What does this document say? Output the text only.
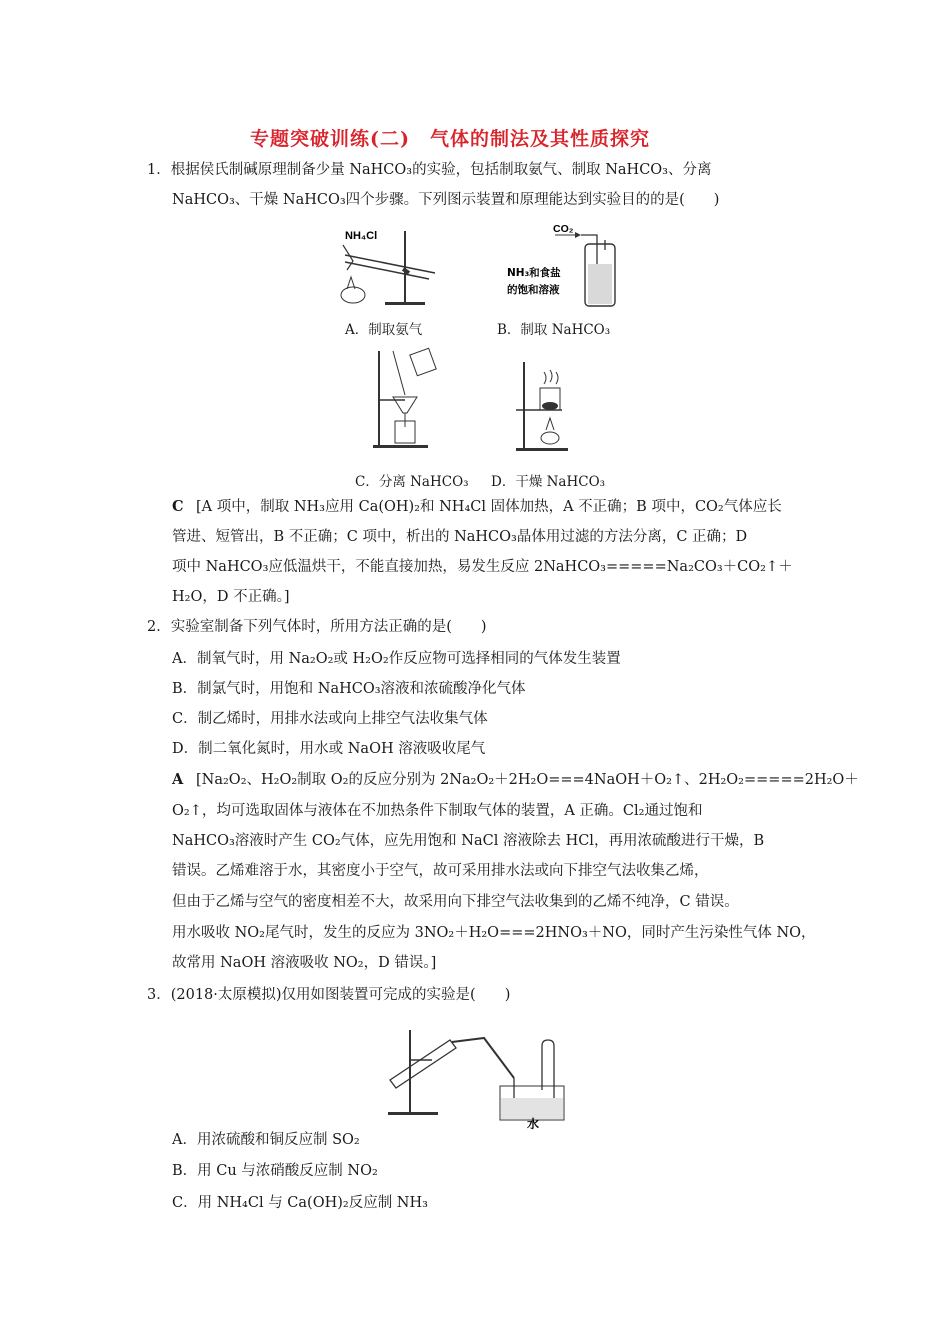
专题突破训练(二)　气体的制法及其性质探究
1．根据侯氏制碱原理制备少量 NaHCO₃的实验，包括制取氨气、制取 NaHCO₃、分离
NaHCO₃、干燥 NaHCO₃四个步骤。下列图示装置和原理能达到实验目的的是(　　)
NH₄Cl
CO₂
NH₃和食盐
的饱和溶液
A．制取氨气	B．制取 NaHCO₃
C．分离 NaHCO₃ D．干燥 NaHCO₃
C [A 项中，制取 NH₃应用 Ca(OH)₂和 NH₄Cl 固体加热，A 不正确；B 项中，CO₂气体应长
管进、短管出，B 不正确；C 项中，析出的 NaHCO₃晶体用过滤的方法分离，C 正确；D
项中 NaHCO₃应低温烘干，不能直接加热，易发生反应 2NaHCO₃=====Na₂CO₃＋CO₂↑＋
H₂O，D 不正确。]
2．实验室制备下列气体时，所用方法正确的是(　　)
A．制氧气时，用 Na₂O₂或 H₂O₂作反应物可选择相同的气体发生装置
B．制氯气时，用饱和 NaHCO₃溶液和浓硫酸净化气体
C．制乙烯时，用排水法或向上排空气法收集气体
D．制二氧化氮时，用水或 NaOH 溶液吸收尾气
A [Na₂O₂、H₂O₂制取 O₂的反应分别为 2Na₂O₂＋2H₂O===4NaOH＋O₂↑、2H₂O₂=====2H₂O＋
O₂↑，均可选取固体与液体在不加热条件下制取气体的装置，A 正确。Cl₂通过饱和
NaHCO₃溶液时产生 CO₂气体，应先用饱和 NaCl 溶液除去 HCl，再用浓硫酸进行干燥，B
错误。乙烯难溶于水，其密度小于空气，故可采用排水法或向下排空气法收集乙烯，
但由于乙烯与空气的密度相差不大，故采用向下排空气法收集到的乙烯不纯净，C 错误。
用水吸收 NO₂尾气时，发生的反应为 3NO₂＋H₂O===2HNO₃＋NO，同时产生污染性气体 NO，
故常用 NaOH 溶液吸收 NO₂，D 错误。]
3．(2018·太原模拟)仅用如图装置可完成的实验是(　　)
水
A．用浓硫酸和铜反应制 SO₂
B．用 Cu 与浓硝酸反应制 NO₂
C．用 NH₄Cl 与 Ca(OH)₂反应制 NH₃
